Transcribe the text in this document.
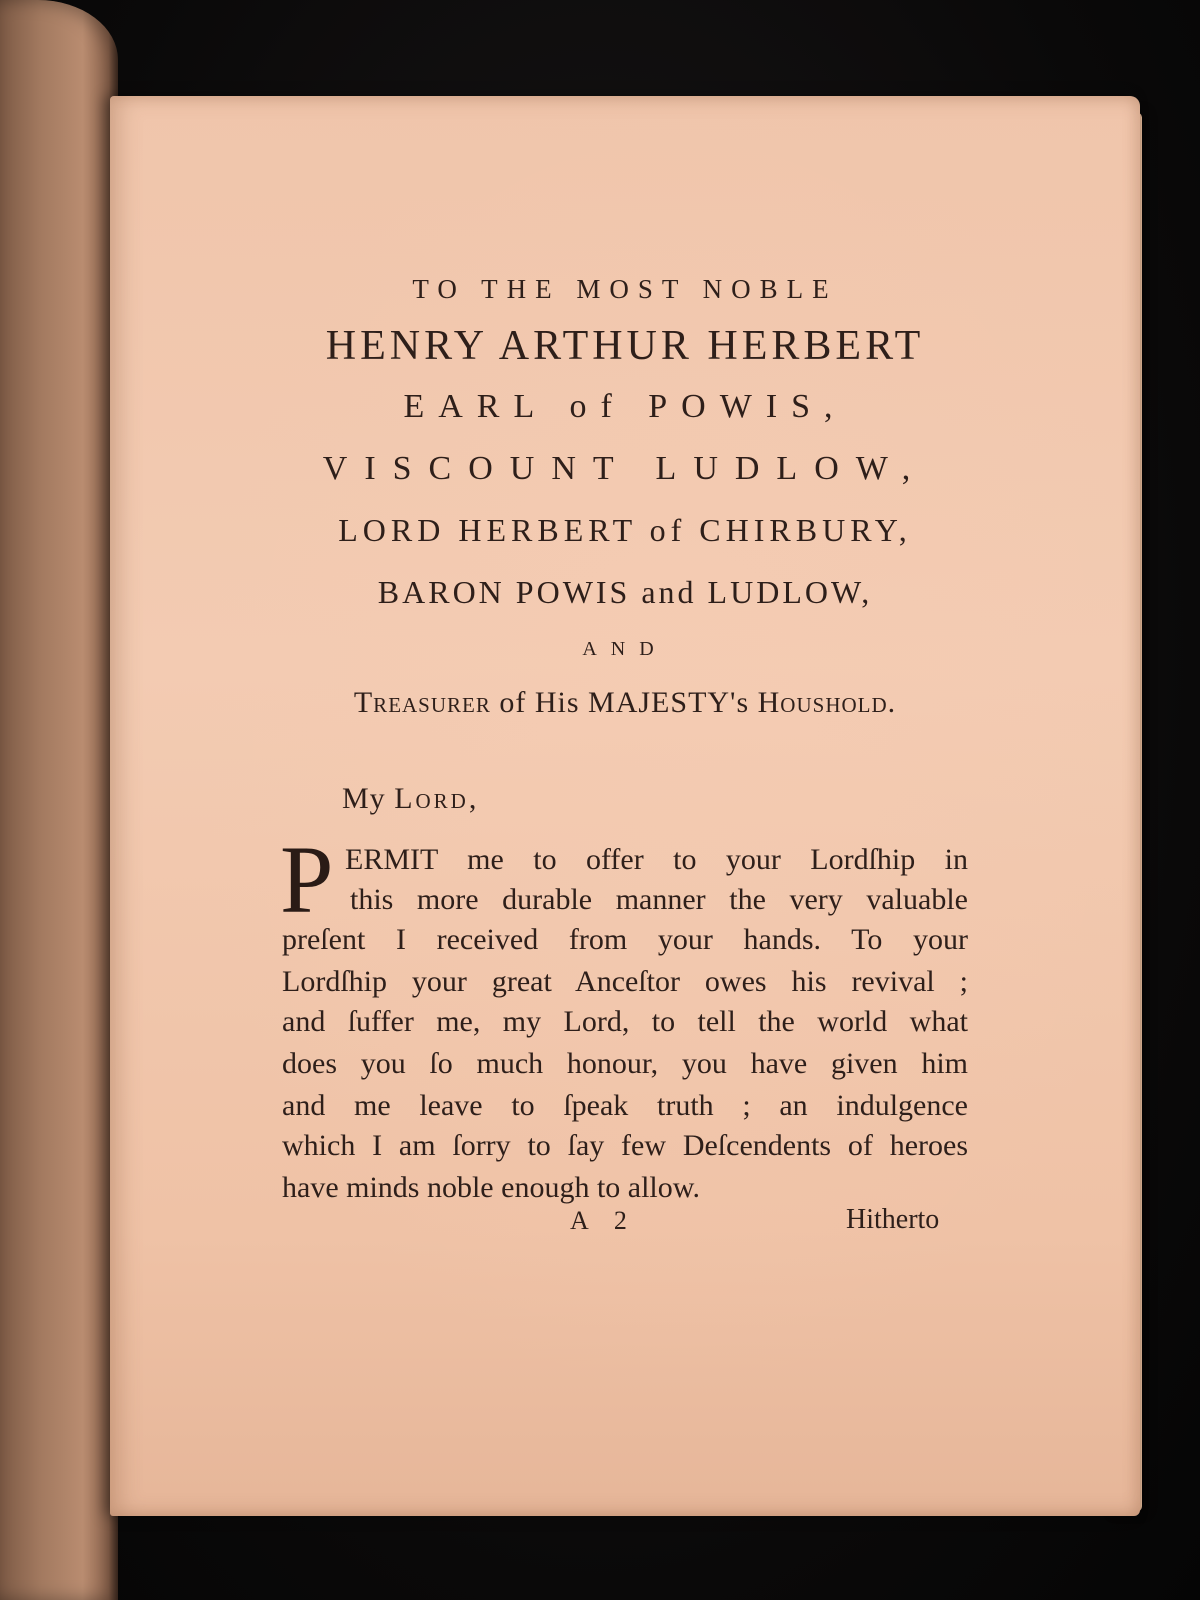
TO THE MOST NOBLE
HENRY ARTHUR HERBERT
EARL of POWIS,
VISCOUNT LUDLOW,
LORD HERBERT of CHIRBURY,
BARON POWIS and LUDLOW,
AND
Treasurer of His MAJESTY's Houshold.
My Lord,
P ERMIT me to offer to your Lordſhip in
this more durable manner the very valuable
preſent I received from your hands. To your
Lordſhip your great Anceſtor owes his revival ;
and ſuffer me, my Lord, to tell the world what
does you ſo much honour, you have given him
and me leave to ſpeak truth ; an indulgence
which I am ſorry to ſay few Deſcendents of heroes
have minds noble enough to allow.
A 2	Hitherto
